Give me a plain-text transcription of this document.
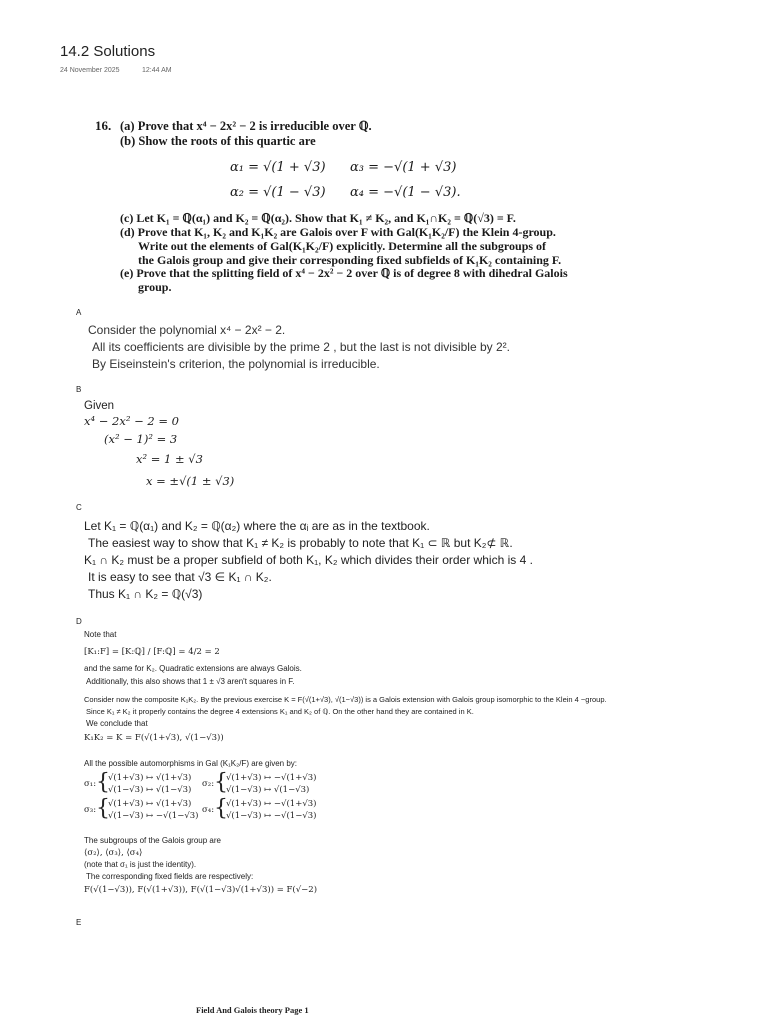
14.2 Solutions
24 November 2025	12:44 AM
16. (a) Prove that x⁴ − 2x² − 2 is irreducible over ℚ.
(b) Show the roots of this quartic are
α₁ = √(1 + √3) α₃ = −√(1 + √3)
α₂ = √(1 − √3) α₄ = −√(1 − √3).
(c) Let K₁ = ℚ(α₁) and K₂ = ℚ(α₂). Show that K₁ ≠ K₂, and K₁∩K₂ = ℚ(√3) = F.
(d) Prove that K₁, K₂ and K₁K₂ are Galois over F with Gal(K₁K₂/F) the Klein 4-group.
Write out the elements of Gal(K₁K₂/F) explicitly. Determine all the subgroups of
the Galois group and give their corresponding fixed subfields of K₁K₂ containing F.
(e) Prove that the splitting field of x⁴ − 2x² − 2 over ℚ is of degree 8 with dihedral Galois
group.
A
Consider the polynomial x⁴ − 2x² − 2.
All its coefficients are divisible by the prime 2 , but the last is not divisible by 2².
By Eiseinstein's criterion, the polynomial is irreducible.
B
Given
x⁴ − 2x² − 2 = 0
(x² − 1)² = 3
x² = 1 ± √3
x = ±√(1 ± √3)
C
Let K₁ = ℚ(α₁) and K₂ = ℚ(α₂) where the αᵢ are as in the textbook.
The easiest way to show that K₁ ≠ K₂ is probably to note that K₁ ⊂ ℝ but K₂⊄ ℝ.
K₁ ∩ K₂ must be a proper subfield of both K₁, K₂ which divides their order which is 4 .
It is easy to see that √3 ∈ K₁ ∩ K₂.
Thus K₁ ∩ K₂ = ℚ(√3)
D
Note that
[K₁:F] = [K:ℚ] / [F:ℚ] = 4/2 = 2
and the same for K₂. Quadratic extensions are always Galois.
Additionally, this also shows that 1 ± √3 aren't squares in F.
Consider now the composite K₁K₂. By the previous exercise K = F(√(1+√3), √(1−√3)) is a Galois extension with Galois group isomorphic to the Klein 4 −group.
Since K₁ ≠ K₂ it properly contains the degree 4 extensions K₁ and K₂ of ℚ. On the other hand they are contained in K.
We conclude that
K₁K₂ = K = F(√(1+√3), √(1−√3))
All the possible automorphisms in Gal (K₁K₂/F) are given by:
σ₁: {
√(1+√3) ↦ √(1+√3)
√(1−√3) ↦ √(1−√3)
σ₂: {
√(1+√3) ↦ −√(1+√3)
√(1−√3) ↦ √(1−√3)
σ₃: {
√(1+√3) ↦ √(1+√3)
√(1−√3) ↦ −√(1−√3)
σ₄: {
√(1+√3) ↦ −√(1+√3)
√(1−√3) ↦ −√(1−√3)
The subgroups of the Galois group are
⟨σ₂⟩, ⟨σ₃⟩, ⟨σ₄⟩
(note that σ₁ is just the identity).
The corresponding fixed fields are respectively:
F(√(1−√3)), F(√(1+√3)), F(√(1−√3)√(1+√3)) = F(√−2)
E
Field And Galois theory Page 1
